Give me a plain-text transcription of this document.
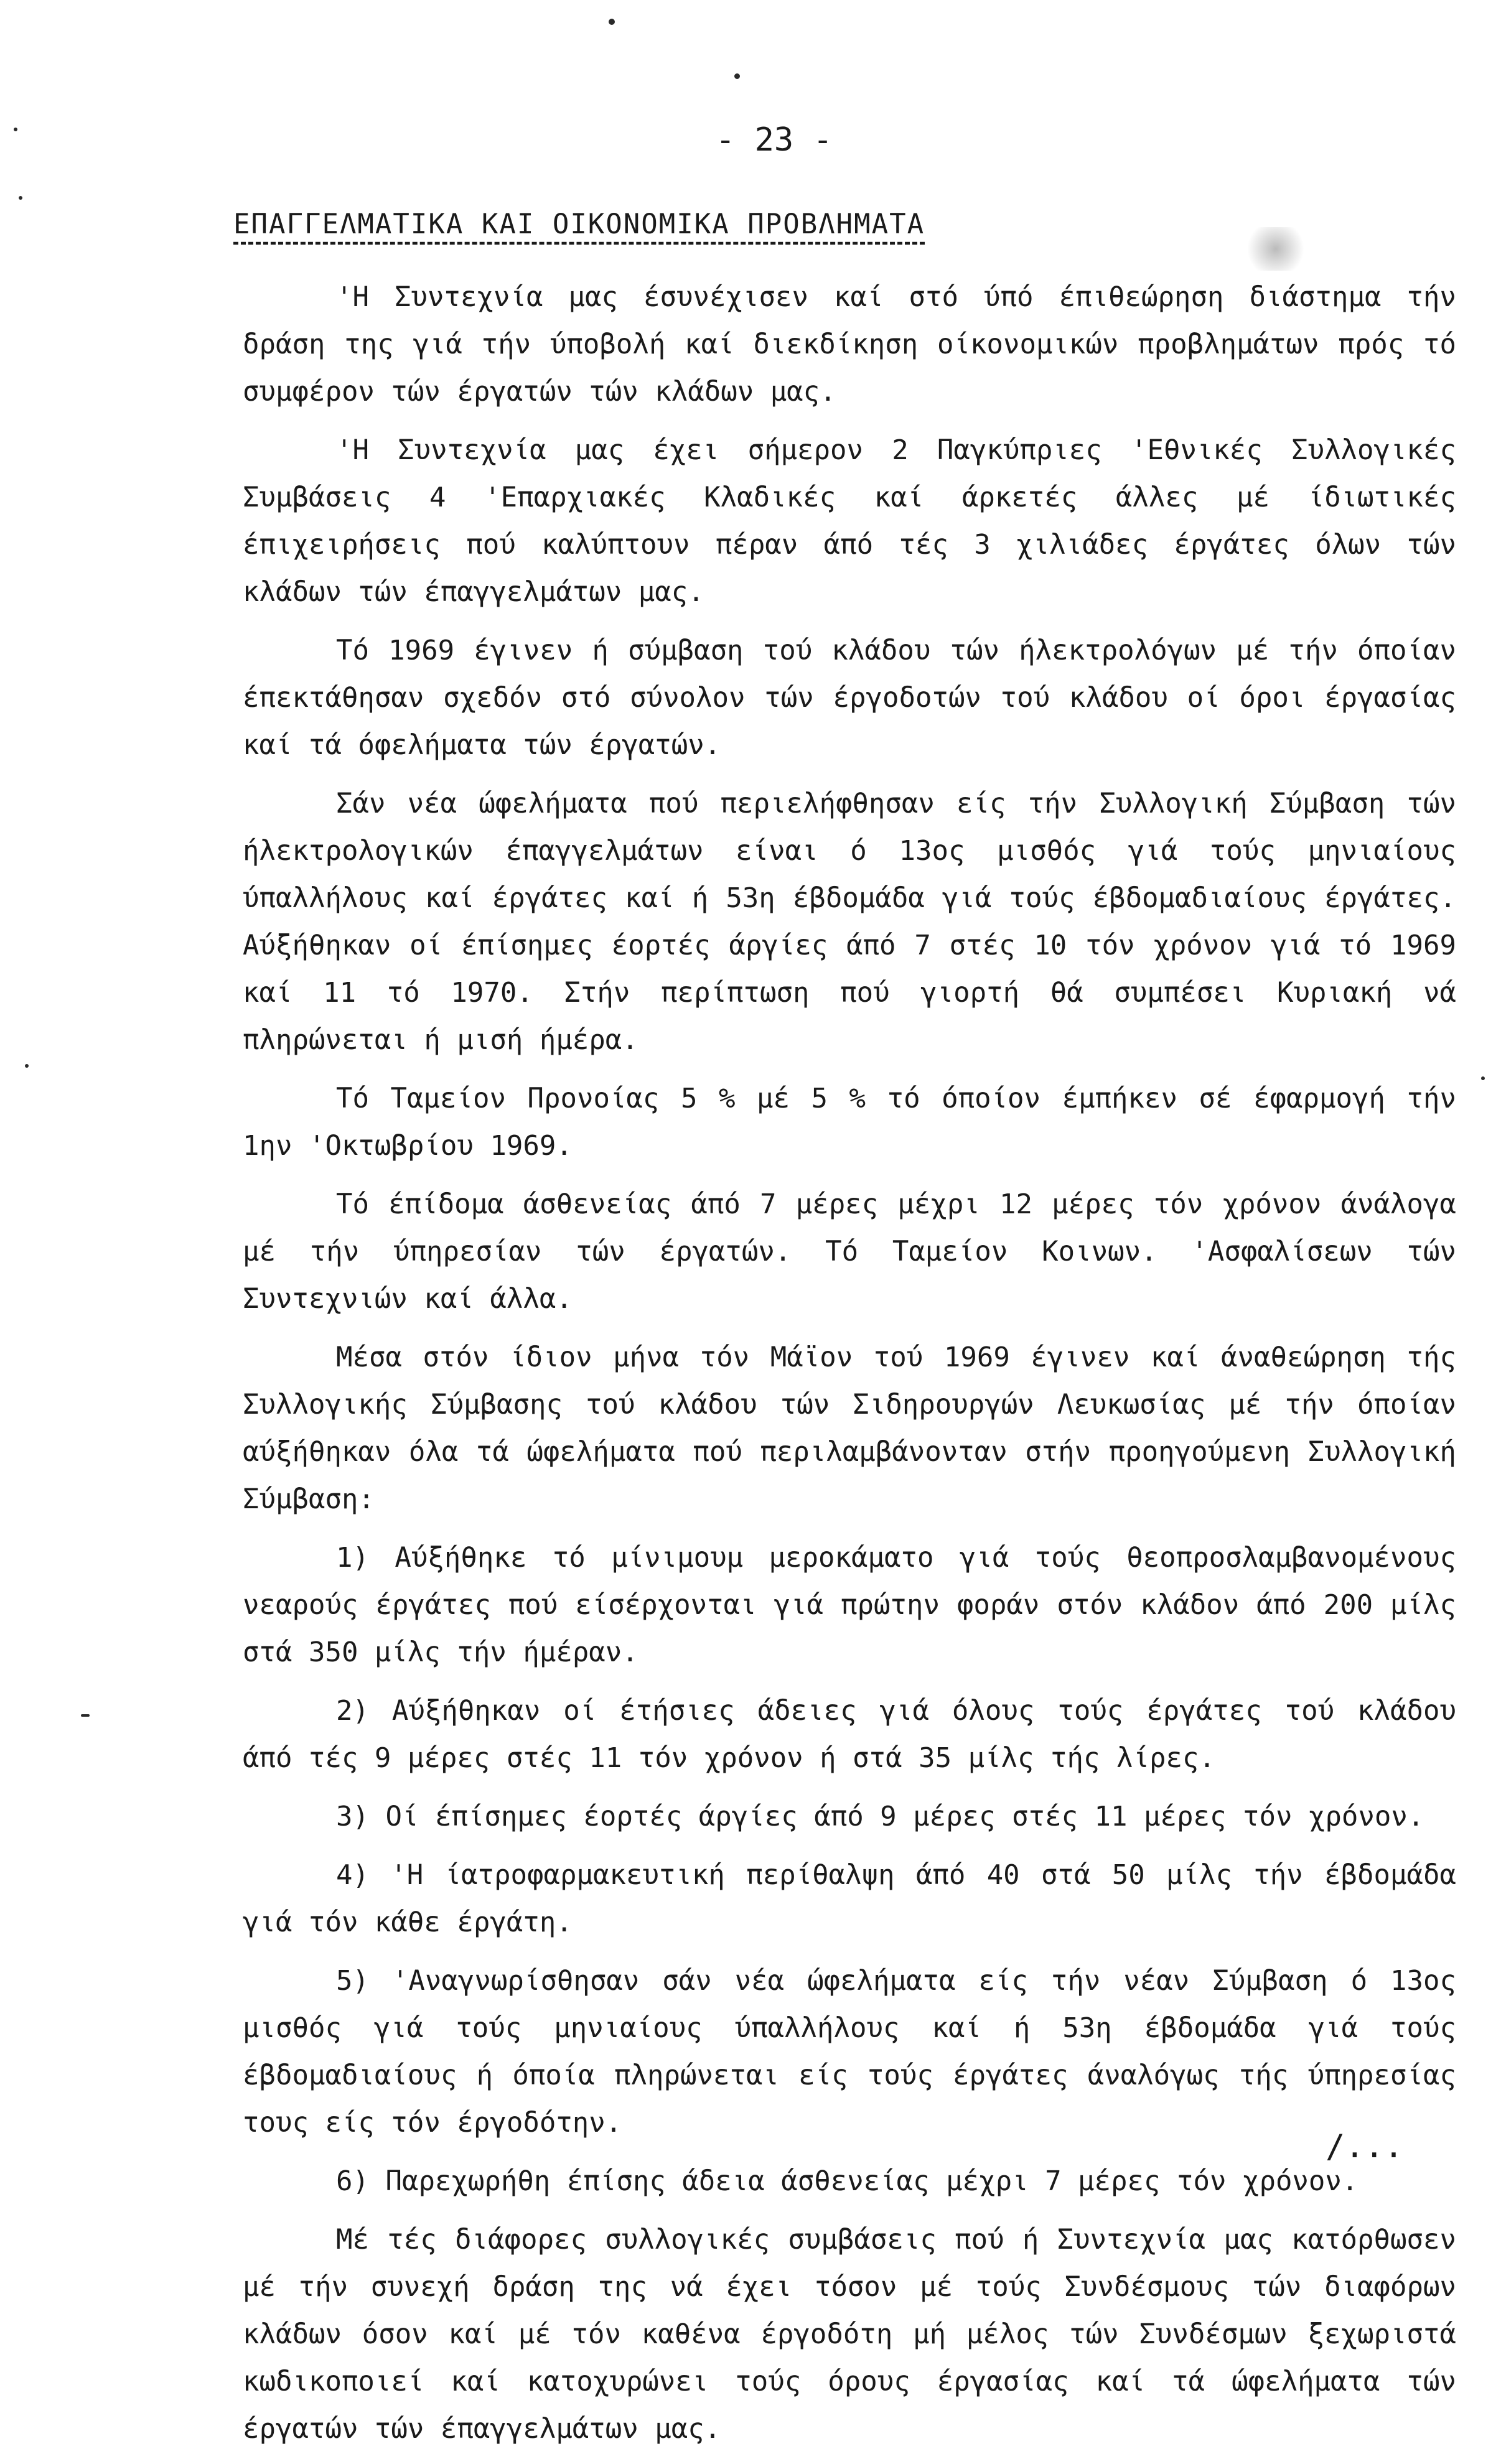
- 23 -
ΕΠΑΓΓΕΛΜΑΤΙΚΑ ΚΑΙ ΟΙΚΟΝΟΜΙΚΑ ΠΡΟΒΛΗΜΑΤΑ

'Η Συντεχνία μας έσυνέχισεν καί στό ύπό έπιθεώρηση διάστημα τήν δράση της γιά τήν ύποβολή καί διεκδίκηση οίκονομικών προβλημάτων πρός τό συμφέρον τών έργατών τών κλάδων μας.

'Η Συντεχνία μας έχει σήμερον 2 Παγκύπριες 'Εθνικές Συλλογικές Συμβάσεις 4 'Επαρχιακές Κλαδικές καί άρκετές άλλες μέ ίδιωτικές έπιχειρήσεις πού καλύπτουν πέραν άπό τές 3 χιλιάδες έργάτες όλων τών κλάδων τών έπαγγελμάτων μας.

Τό 1969 έγινεν ή σύμβαση τού κλάδου τών ήλεκτρολόγων μέ τήν όποίαν έπεκτάθησαν σχεδόν στό σύνολον τών έργοδοτών τού κλάδου οί όροι έργασίας καί τά όφελήματα τών έργατών.

Σάν νέα ώφελήματα πού περιελήφθησαν είς τήν Συλλογική Σύμβαση τών ήλεκτρολογικών έπαγγελμάτων είναι ό 13ος μισθός γιά τούς μηνιαίους ύπαλλήλους καί έργάτες καί ή 53η έβδομάδα γιά τούς έβδομαδιαίους έργάτες. Αύξήθηκαν οί έπίσημες έορτές άργίες άπό 7 στές 10 τόν χρόνον γιά τό 1969 καί 11 τό 1970. Στήν περίπτωση πού γιορτή θά συμπέσει Κυριακή νά πληρώνεται ή μισή ήμέρα.

Τό Ταμείον Προνοίας 5 % μέ 5 % τό όποίον έμπήκεν σέ έφαρμογή τήν 1ην 'Οκτωβρίου 1969.

Τό έπίδομα άσθενείας άπό 7 μέρες μέχρι 12 μέρες τόν χρόνον άνάλογα μέ τήν ύπηρεσίαν τών έργατών. Τό Ταμείον Κοινων. 'Ασφαλίσεων τών Συντεχνιών καί άλλα.

Μέσα στόν ίδιον μήνα τόν Μάϊον τού 1969 έγινεν καί άναθεώρηση τής Συλλογικής Σύμβασης τού κλάδου τών Σιδηρουργών Λευκωσίας μέ τήν όποίαν αύξήθηκαν όλα τά ώφελήματα πού περιλαμβάνονταν στήν προηγούμενη Συλλογική Σύμβαση:

1) Αύξήθηκε τό μίνιμουμ μεροκάματο γιά τούς θεοπροσλαμβανομένους νεαρούς έργάτες πού είσέρχονται γιά πρώτην φοράν στόν κλάδον άπό 200 μίλς στά 350 μίλς τήν ήμέραν.

2) Αύξήθηκαν οί έτήσιες άδειες γιά όλους τούς έργάτες τού κλάδου άπό τές 9 μέρες στές 11 τόν χρόνον ή στά 35 μίλς τής λίρες.

3) Οί έπίσημες έορτές άργίες άπό 9 μέρες στές 11 μέρες τόν χρόνον.

4) 'Η ίατροφαρμακευτική περίθαλψη άπό 40 στά 50 μίλς τήν έβδομάδα γιά τόν κάθε έργάτη.

5) 'Αναγνωρίσθησαν σάν νέα ώφελήματα είς τήν νέαν Σύμβαση ό 13ος μισθός γιά τούς μηνιαίους ύπαλλήλους καί ή 53η έβδομάδα γιά τούς έβδομαδιαίους ή όποία πληρώνεται είς τούς έργάτες άναλόγως τής ύπηρεσίας τους είς τόν έργοδότην.

6) Παρεχωρήθη έπίσης άδεια άσθενείας μέχρι 7 μέρες τόν χρόνον.

Μέ τές διάφορες συλλογικές συμβάσεις πού ή Συντεχνία μας κατόρθωσεν μέ τήν συνεχή δράση της νά έχει τόσον μέ τούς Συνδέσμους τών διαφόρων κλάδων όσον καί μέ τόν καθένα έργοδότη μή μέλος τών Συνδέσμων ξεχωριστά κωδικοποιεί καί κατοχυρώνει τούς όρους έργασίας καί τά ώφελήματα τών έργατών τών έπαγγελμάτων μας.

/...
